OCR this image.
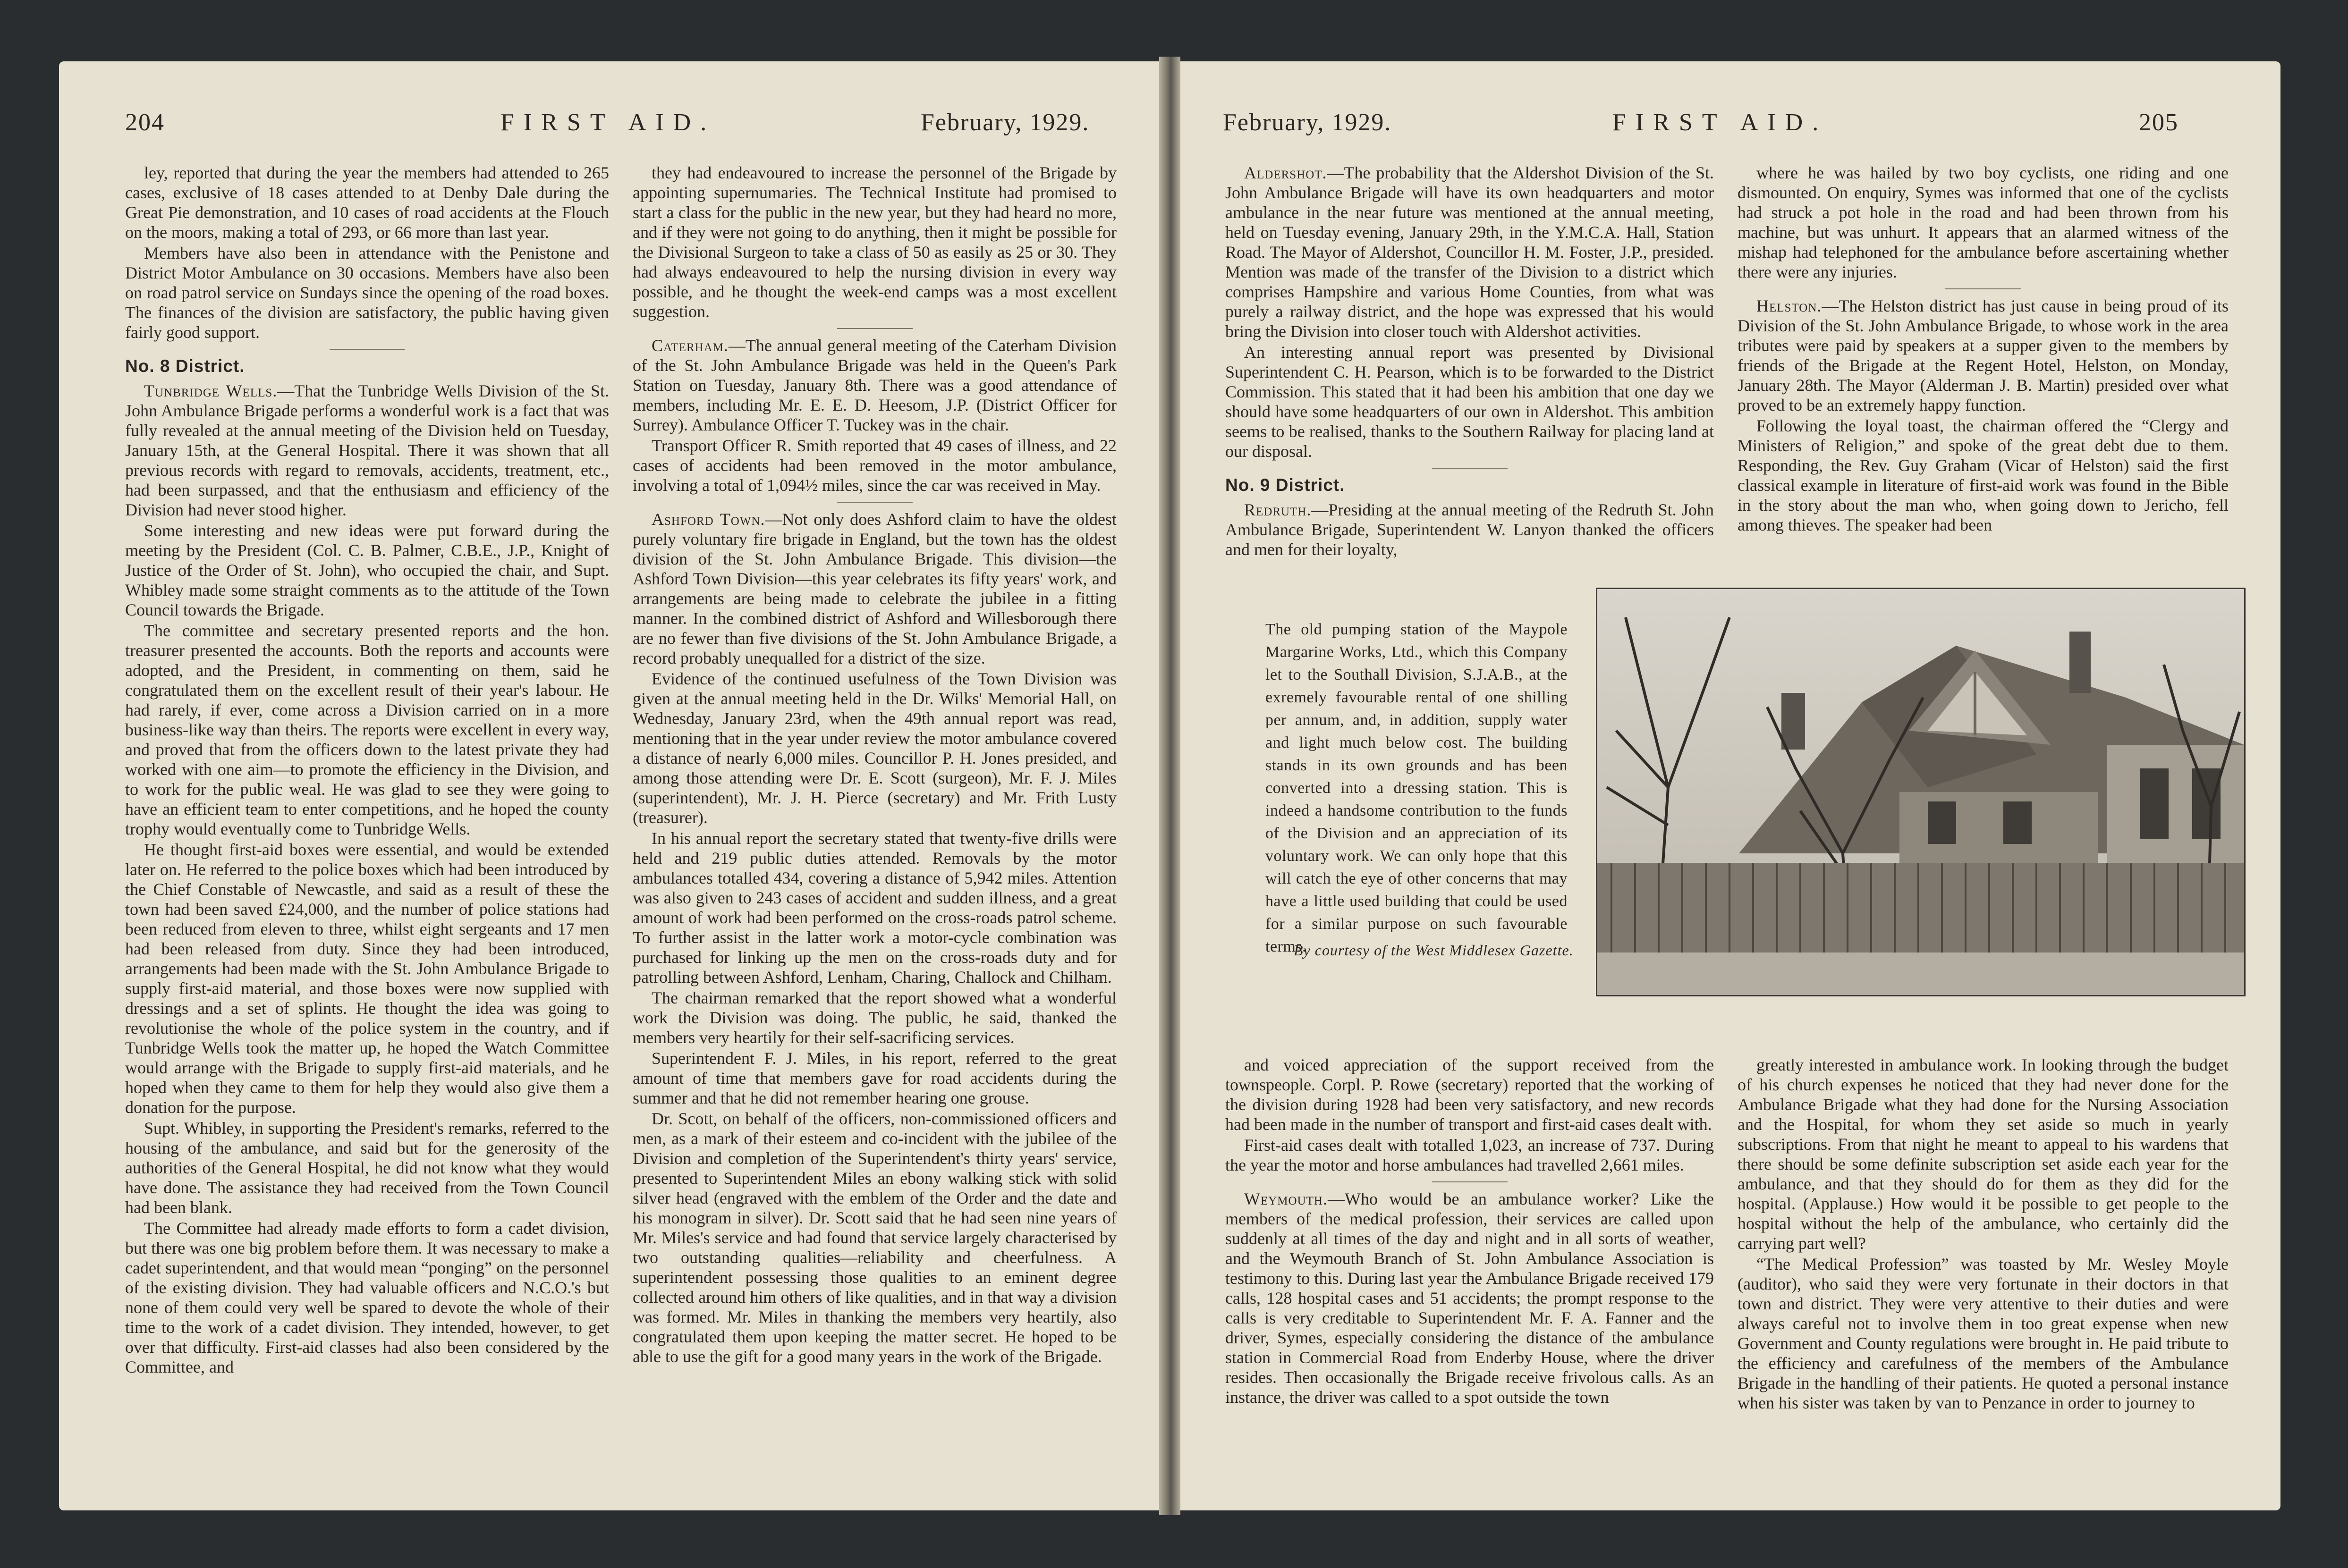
204	FIRST AID.	February, 1929.

ley, reported that during the year the members had attended to 265 cases, exclusive of 18 cases attended to at Denby Dale during the Great Pie demonstration, and 10 cases of road accidents at the Flouch on the moors, making a total of 293, or 66 more than last year.

Members have also been in attendance with the Penistone and District Motor Ambulance on 30 occasions. Members have also been on road patrol service on Sundays since the opening of the road boxes. The finances of the division are satisfactory, the public having given fairly good support.

No. 8 District.

Tunbridge Wells.—That the Tunbridge Wells Division of the St. John Ambulance Brigade performs a wonderful work is a fact that was fully revealed at the annual meeting of the Division held on Tuesday, January 15th, at the General Hospital. There it was shown that all previous records with regard to removals, accidents, treatment, etc., had been surpassed, and that the enthusiasm and efficiency of the Division had never stood higher.

Some interesting and new ideas were put forward during the meeting by the President (Col. C. B. Palmer, C.B.E., J.P., Knight of Justice of the Order of St. John), who occupied the chair, and Supt. Whibley made some straight comments as to the attitude of the Town Council towards the Brigade.

The committee and secretary presented reports and the hon. treasurer presented the accounts. Both the reports and accounts were adopted, and the President, in commenting on them, said he congratulated them on the excellent result of their year's labour. He had rarely, if ever, come across a Division carried on in a more business-like way than theirs. The reports were excellent in every way, and proved that from the officers down to the latest private they had worked with one aim—to promote the efficiency in the Division, and to work for the public weal. He was glad to see they were going to have an efficient team to enter competitions, and he hoped the county trophy would eventually come to Tunbridge Wells.

He thought first-aid boxes were essential, and would be extended later on. He referred to the police boxes which had been introduced by the Chief Constable of Newcastle, and said as a result of these the town had been saved £24,000, and the number of police stations had been reduced from eleven to three, whilst eight sergeants and 17 men had been released from duty. Since they had been introduced, arrangements had been made with the St. John Ambulance Brigade to supply first-aid material, and those boxes were now supplied with dressings and a set of splints. He thought the idea was going to revolutionise the whole of the police system in the country, and if Tunbridge Wells took the matter up, he hoped the Watch Committee would arrange with the Brigade to supply first-aid materials, and he hoped when they came to them for help they would also give them a donation for the purpose.

Supt. Whibley, in supporting the President's remarks, referred to the housing of the ambulance, and said but for the generosity of the authorities of the General Hospital, he did not know what they would have done. The assistance they had received from the Town Council had been blank.

The Committee had already made efforts to form a cadet division, but there was one big problem before them. It was necessary to make a cadet superintendent, and that would mean “ponging” on the personnel of the existing division. They had valuable officers and N.C.O.'s but none of them could very well be spared to devote the whole of their time to the work of a cadet division. They intended, however, to get over that difficulty. First-aid classes had also been considered by the Committee, and

they had endeavoured to increase the personnel of the Brigade by appointing supernumaries. The Technical Institute had promised to start a class for the public in the new year, but they had heard no more, and if they were not going to do anything, then it might be possible for the Divisional Surgeon to take a class of 50 as easily as 25 or 30. They had always endeavoured to help the nursing division in every way possible, and he thought the week-end camps was a most excellent suggestion.

Caterham.—The annual general meeting of the Caterham Division of the St. John Ambulance Brigade was held in the Queen's Park Station on Tuesday, January 8th. There was a good attendance of members, including Mr. E. E. D. Heesom, J.P. (District Officer for Surrey). Ambulance Officer T. Tuckey was in the chair.

Transport Officer R. Smith reported that 49 cases of illness, and 22 cases of accidents had been removed in the motor ambulance, involving a total of 1,094½ miles, since the car was received in May.

Ashford Town.—Not only does Ashford claim to have the oldest purely voluntary fire brigade in England, but the town has the oldest division of the St. John Ambulance Brigade. This division—the Ashford Town Division—this year celebrates its fifty years' work, and arrangements are being made to celebrate the jubilee in a fitting manner. In the combined district of Ashford and Willesborough there are no fewer than five divisions of the St. John Ambulance Brigade, a record probably unequalled for a district of the size.

Evidence of the continued usefulness of the Town Division was given at the annual meeting held in the Dr. Wilks' Memorial Hall, on Wednesday, January 23rd, when the 49th annual report was read, mentioning that in the year under review the motor ambulance covered a distance of nearly 6,000 miles. Councillor P. H. Jones presided, and among those attending were Dr. E. Scott (surgeon), Mr. F. J. Miles (superintendent), Mr. J. H. Pierce (secretary) and Mr. Frith Lusty (treasurer).

In his annual report the secretary stated that twenty-five drills were held and 219 public duties attended. Removals by the motor ambulances totalled 434, covering a distance of 5,942 miles. Attention was also given to 243 cases of accident and sudden illness, and a great amount of work had been performed on the cross-roads patrol scheme. To further assist in the latter work a motor-cycle combination was purchased for linking up the men on the cross-roads duty and for patrolling between Ashford, Lenham, Charing, Challock and Chilham.

The chairman remarked that the report showed what a wonderful work the Division was doing. The public, he said, thanked the members very heartily for their self-sacrificing services.

Superintendent F. J. Miles, in his report, referred to the great amount of time that members gave for road accidents during the summer and that he did not remember hearing one grouse.

Dr. Scott, on behalf of the officers, non-commissioned officers and men, as a mark of their esteem and co-incident with the jubilee of the Division and completion of the Superintendent's thirty years' service, presented to Superintendent Miles an ebony walking stick with solid silver head (engraved with the emblem of the Order and the date and his monogram in silver). Dr. Scott said that he had seen nine years of Mr. Miles's service and had found that service largely characterised by two outstanding qualities—reliability and cheerfulness. A superintendent possessing those qualities to an eminent degree collected around him others of like qualities, and in that way a division was formed. Mr. Miles in thanking the members very heartily, also congratulated them upon keeping the matter secret. He hoped to be able to use the gift for a good many years in the work of the Brigade.

February, 1929.	FIRST AID.	205

Aldershot.—The probability that the Aldershot Division of the St. John Ambulance Brigade will have its own headquarters and motor ambulance in the near future was mentioned at the annual meeting, held on Tuesday evening, January 29th, in the Y.M.C.A. Hall, Station Road. The Mayor of Aldershot, Councillor H. M. Foster, J.P., presided. Mention was made of the transfer of the Division to a district which comprises Hampshire and various Home Counties, from what was purely a railway district, and the hope was expressed that his would bring the Division into closer touch with Aldershot activities.

An interesting annual report was presented by Divisional Superintendent C. H. Pearson, which is to be forwarded to the District Commission. This stated that it had been his ambition that one day we should have some headquarters of our own in Aldershot. This ambition seems to be realised, thanks to the Southern Railway for placing land at our disposal.

No. 9 District.

Redruth.—Presiding at the annual meeting of the Redruth St. John Ambulance Brigade, Superintendent W. Lanyon thanked the officers and men for their loyalty,

where he was hailed by two boy cyclists, one riding and one dismounted. On enquiry, Symes was informed that one of the cyclists had struck a pot hole in the road and had been thrown from his machine, but was unhurt. It appears that an alarmed witness of the mishap had telephoned for the ambulance before ascertaining whether there were any injuries.

Helston.—The Helston district has just cause in being proud of its Division of the St. John Ambulance Brigade, to whose work in the area tributes were paid by speakers at a supper given to the members by friends of the Brigade at the Regent Hotel, Helston, on Monday, January 28th. The Mayor (Alderman J. B. Martin) presided over what proved to be an extremely happy function.

Following the loyal toast, the chairman offered the “Clergy and Ministers of Religion,” and spoke of the great debt due to them. Responding, the Rev. Guy Graham (Vicar of Helston) said the first classical example in literature of first-aid work was found in the Bible in the story about the man who, when going down to Jericho, fell among thieves. The speaker had been

The old pumping station of the Maypole Margarine Works, Ltd., which this Company let to the Southall Division, S.J.A.B., at the exremely favourable rental of one shilling per annum, and, in addition, supply water and light much below cost. The building stands in its own grounds and has been converted into a dressing station. This is indeed a handsome contribution to the funds of the Division and an appreciation of its voluntary work. We can only hope that this will catch the eye of other concerns that may have a little used building that could be used for a similar purpose on such favourable terms.

By courtesy of the West Middlesex Gazette.

and voiced appreciation of the support received from the townspeople. Corpl. P. Rowe (secretary) reported that the working of the division during 1928 had been very satisfactory, and new records had been made in the number of transport and first-aid cases dealt with.

First-aid cases dealt with totalled 1,023, an increase of 737. During the year the motor and horse ambulances had travelled 2,661 miles.

Weymouth.—Who would be an ambulance worker? Like the members of the medical profession, their services are called upon suddenly at all times of the day and night and in all sorts of weather, and the Weymouth Branch of St. John Ambulance Association is testimony to this. During last year the Ambulance Brigade received 179 calls, 128 hospital cases and 51 accidents; the prompt response to the calls is very creditable to Superintendent Mr. F. A. Fanner and the driver, Symes, especially considering the distance of the ambulance station in Commercial Road from Enderby House, where the driver resides. Then occasionally the Brigade receive frivolous calls. As an instance, the driver was called to a spot outside the town

greatly interested in ambulance work. In looking through the budget of his church expenses he noticed that they had never done for the Ambulance Brigade what they had done for the Nursing Association and the Hospital, for whom they set aside so much in yearly subscriptions. From that night he meant to appeal to his wardens that there should be some definite subscription set aside each year for the ambulance, and that they should do for them as they did for the hospital. (Applause.) How would it be possible to get people to the hospital without the help of the ambulance, who certainly did the carrying part well?

“The Medical Profession” was toasted by Mr. Wesley Moyle (auditor), who said they were very fortunate in their doctors in that town and district. They were very attentive to their duties and were always careful not to involve them in too great expense when new Government and County regulations were brought in. He paid tribute to the efficiency and carefulness of the members of the Ambulance Brigade in the handling of their patients. He quoted a personal instance when his sister was taken by van to Penzance in order to journey to
